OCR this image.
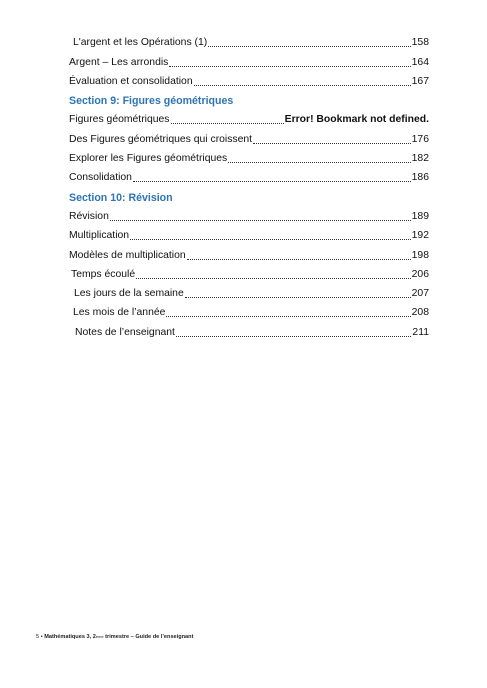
L'argent et les Opérations (1)	158
Argent – Les arrondis	164
Évaluation et consolidation	167
Section 9: Figures géométriques
Figures géométriques	Error! Bookmark not defined.
Des Figures géométriques qui croissent	176
Explorer les Figures géométriques	182
Consolidation	186
Section 10: Révision
Révision	189
Multiplication	192
Modèles de multiplication	198
Temps écoulé	206
Les jours de la semaine	207
Les mois de l’année	208
Notes de l’enseignant	211
5 • Mathématiques 3, 2ème trimestre – Guide de l’enseignant
